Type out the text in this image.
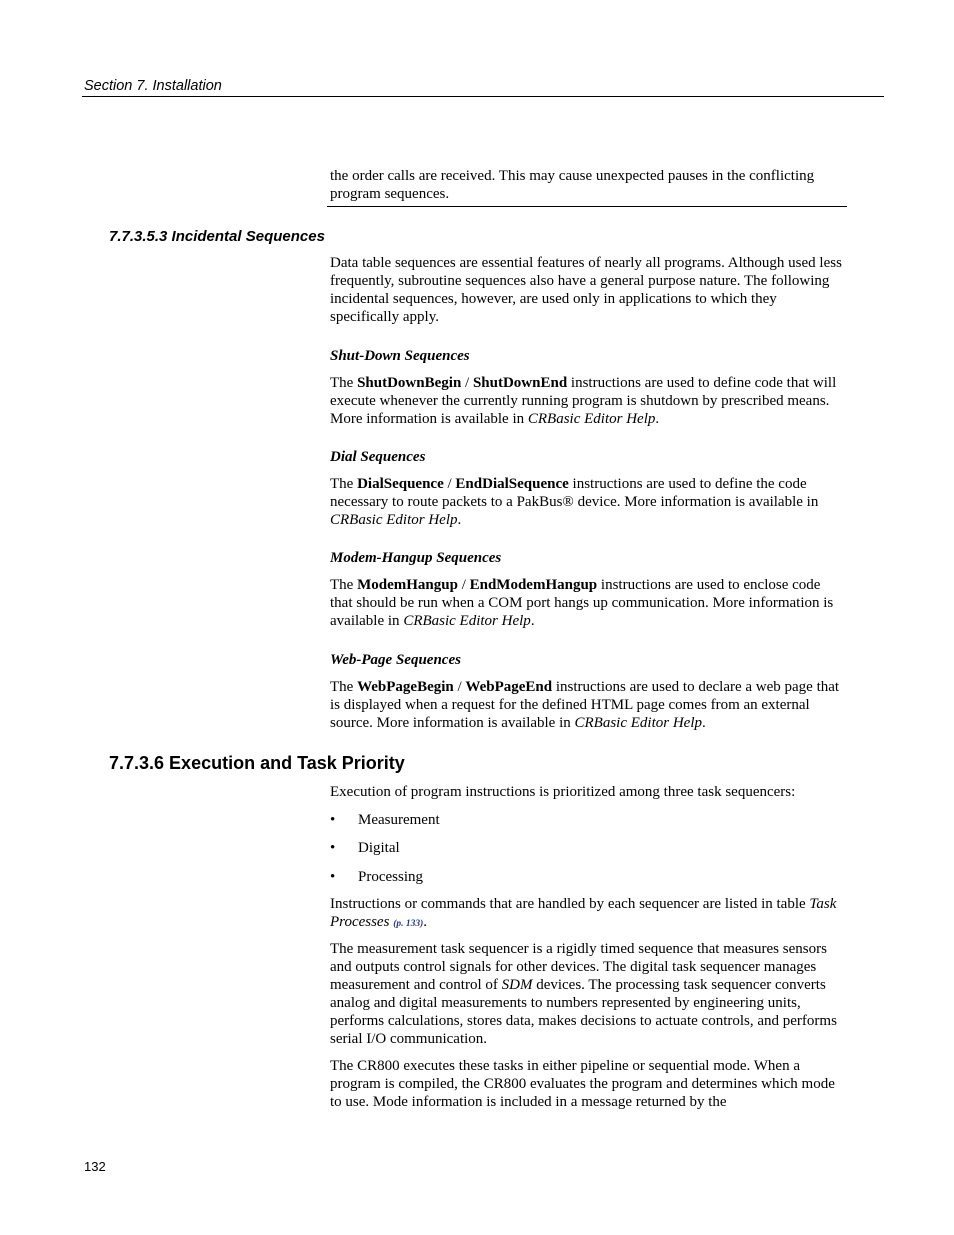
Section 7. Installation

the order calls are received. This may cause unexpected pauses in the conflicting program sequences.

7.7.3.5.3 Incidental Sequences

Data table sequences are essential features of nearly all programs. Although used less frequently, subroutine sequences also have a general purpose nature. The following incidental sequences, however, are used only in applications to which they specifically apply.

Shut-Down Sequences

The ShutDownBegin / ShutDownEnd instructions are used to define code that will execute whenever the currently running program is shutdown by prescribed means. More information is available in CRBasic Editor Help.

Dial Sequences

The DialSequence / EndDialSequence instructions are used to define the code necessary to route packets to a PakBus® device. More information is available in CRBasic Editor Help.

Modem-Hangup Sequences

The ModemHangup / EndModemHangup instructions are used to enclose code that should be run when a COM port hangs up communication. More information is available in CRBasic Editor Help.

Web-Page Sequences

The WebPageBegin / WebPageEnd instructions are used to declare a web page that is displayed when a request for the defined HTML page comes from an external source. More information is available in CRBasic Editor Help.

7.7.3.6 Execution and Task Priority

Execution of program instructions is prioritized among three task sequencers:

• Measurement
• Digital
• Processing

Instructions or commands that are handled by each sequencer are listed in table Task Processes (p. 133).

The measurement task sequencer is a rigidly timed sequence that measures sensors and outputs control signals for other devices. The digital task sequencer manages measurement and control of SDM devices. The processing task sequencer converts analog and digital measurements to numbers represented by engineering units, performs calculations, stores data, makes decisions to actuate controls, and performs serial I/O communication.

The CR800 executes these tasks in either pipeline or sequential mode. When a program is compiled, the CR800 evaluates the program and determines which mode to use. Mode information is included in a message returned by the

132
